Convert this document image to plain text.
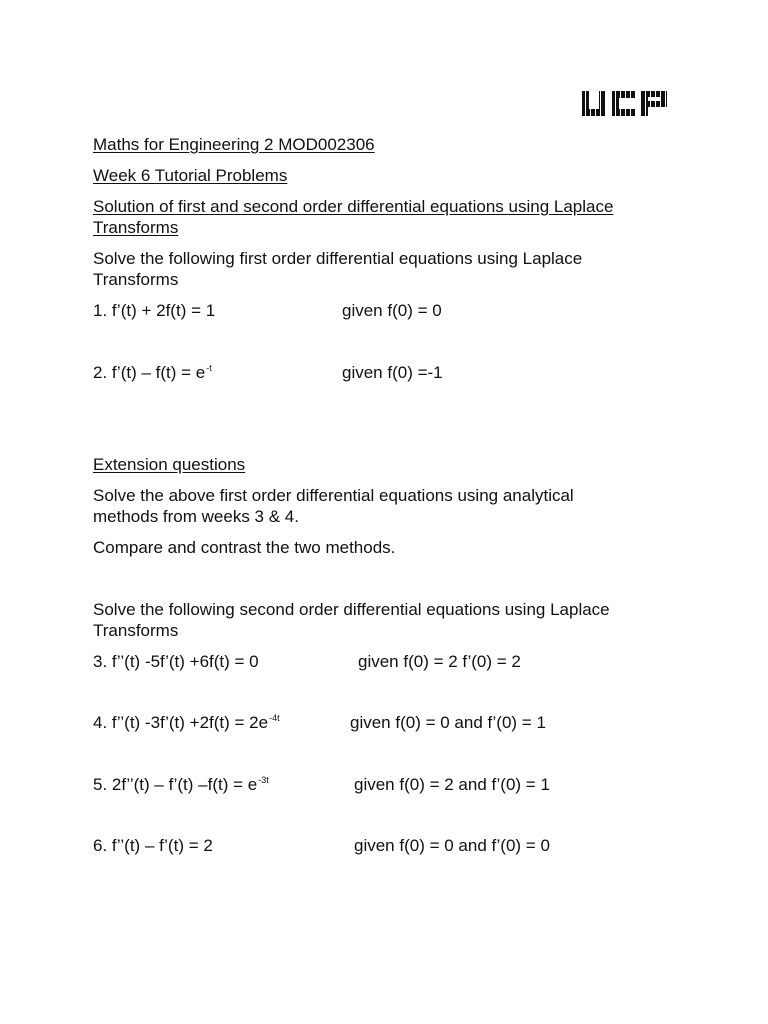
Maths for Engineering 2 MOD002306
Week 6 Tutorial Problems
Solution of first and second order differential equations using Laplace
Transforms
Solve the following first order differential equations using Laplace
Transforms
1. f’(t) + 2f(t) = 1	given f(0) = 0
2. f’(t) – $f(t) = e^{-t}$	given f(0) =-1
Extension questions
Solve the above first order differential equations using analytical
methods from weeks 3 & 4.
Compare and contrast the two methods.
Solve the following second order differential equations using Laplace
Transforms
3. f’’(t) -5f’(t) +6f(t) = 0	given f(0) = 2 f’(0) = 2
4. f’’(t) -3f’(t) $+2f(t) = 2e^{-4t}$	given f(0) = 0 and f’(0) = 1
5. 2f’’(t) – f’(t) $-f(t) = e^{-3t}$	given f(0) = 2 and f’(0) = 1
6. f’’(t) – f’(t) = 2	given f(0) = 0 and f’(0) = 0
